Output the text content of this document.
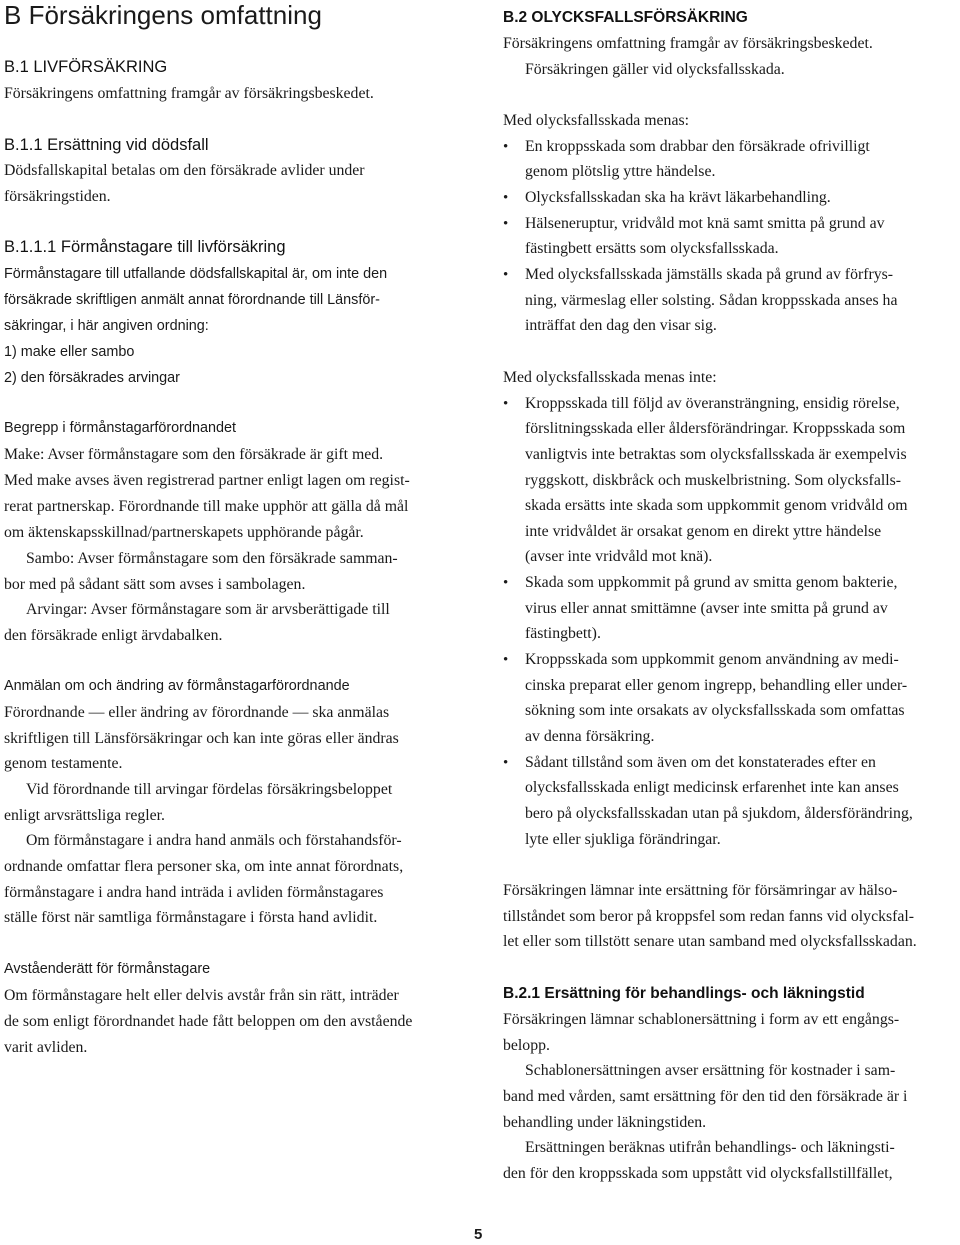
B Försäkringens omfattning
B.1 LIVFÖRSÄKRING
Försäkringens omfattning framgår av försäkringsbeskedet.
B.1.1 Ersättning vid dödsfall
Dödsfallskapital betalas om den försäkrade avlider under
försäkringstiden.
B.1.1.1 Förmånstagare till livförsäkring
Förmånstagare till utfallande dödsfallskapital är, om inte den
försäkrade skriftligen anmält annat förordnande till Länsför-
säkringar, i här angiven ordning:
1) make eller sambo
2) den försäkrades arvingar
Begrepp i förmånstagarförordnandet
Make: Avser förmånstagare som den försäkrade är gift med.
Med make avses även registrerad partner enligt lagen om regist-
rerat partnerskap. Förordnande till make upphör att gälla då mål
om äktenskapsskillnad/partnerskapets upphörande pågår.
Sambo: Avser förmånstagare som den försäkrade samman-
bor med på sådant sätt som avses i sambolagen.
Arvingar: Avser förmånstagare som är arvsberättigade till
den försäkrade enligt ärvdabalken.
Anmälan om och ändring av förmånstagarförordnande
Förordnande — eller ändring av förordnande — ska anmälas
skriftligen till Länsförsäkringar och kan inte göras eller ändras
genom testamente.
Vid förordnande till arvingar fördelas försäkringsbeloppet
enligt arvsrättsliga regler.
Om förmånstagare i andra hand anmäls och förstahandsför-
ordnande omfattar flera personer ska, om inte annat förordnats,
förmånstagare i andra hand inträda i avliden förmånstagares
ställe först när samtliga förmånstagare i första hand avlidit.
Avståenderätt för förmånstagare
Om förmånstagare helt eller delvis avstår från sin rätt, inträder
de som enligt förordnandet hade fått beloppen om den avstående
varit avliden.
B.2 OLYCKSFALLSFÖRSÄKRING
Försäkringens omfattning framgår av försäkringsbeskedet.
Försäkringen gäller vid olycksfallsskada.
Med olycksfallsskada menas:
• En kroppsskada som drabbar den försäkrade ofrivilligt
genom plötslig yttre händelse.
• Olycksfallsskadan ska ha krävt läkarbehandling.
• Hälseneruptur, vridvåld mot knä samt smitta på grund av
fästingbett ersätts som olycksfallsskada.
• Med olycksfallsskada jämställs skada på grund av förfrys-
ning, värmeslag eller solsting. Sådan kroppsskada anses ha
inträffat den dag den visar sig.
Med olycksfallsskada menas inte:
• Kroppsskada till följd av överansträngning, ensidig rörelse,
förslitningsskada eller åldersförändringar. Kroppsskada som
vanligtvis inte betraktas som olycksfallsskada är exempelvis
ryggskott, diskbråck och muskelbristning. Som olycksfalls-
skada ersätts inte skada som uppkommit genom vridvåld om
inte vridvåldet är orsakat genom en direkt yttre händelse
(avser inte vridvåld mot knä).
• Skada som uppkommit på grund av smitta genom bakterie,
virus eller annat smittämne (avser inte smitta på grund av
fästingbett).
• Kroppsskada som uppkommit genom användning av medi-
cinska preparat eller genom ingrepp, behandling eller under-
sökning som inte orsakats av olycksfallsskada som omfattas
av denna försäkring.
• Sådant tillstånd som även om det konstaterades efter en
olycksfallsskada enligt medicinsk erfarenhet inte kan anses
bero på olycksfallsskadan utan på sjukdom, åldersförändring,
lyte eller sjukliga förändringar.
Försäkringen lämnar inte ersättning för försämringar av hälso-
tillståndet som beror på kroppsfel som redan fanns vid olycksfal-
let eller som tillstött senare utan samband med olycksfallsskadan.
B.2.1 Ersättning för behandlings- och läkningstid
Försäkringen lämnar schablonersättning i form av ett engångs-
belopp.
Schablonersättningen avser ersättning för kostnader i sam-
band med vården, samt ersättning för den tid den försäkrade är i
behandling under läkningstiden.
Ersättningen beräknas utifrån behandlings- och läkningsti-
den för den kroppsskada som uppstått vid olycksfallstillfället,
5
